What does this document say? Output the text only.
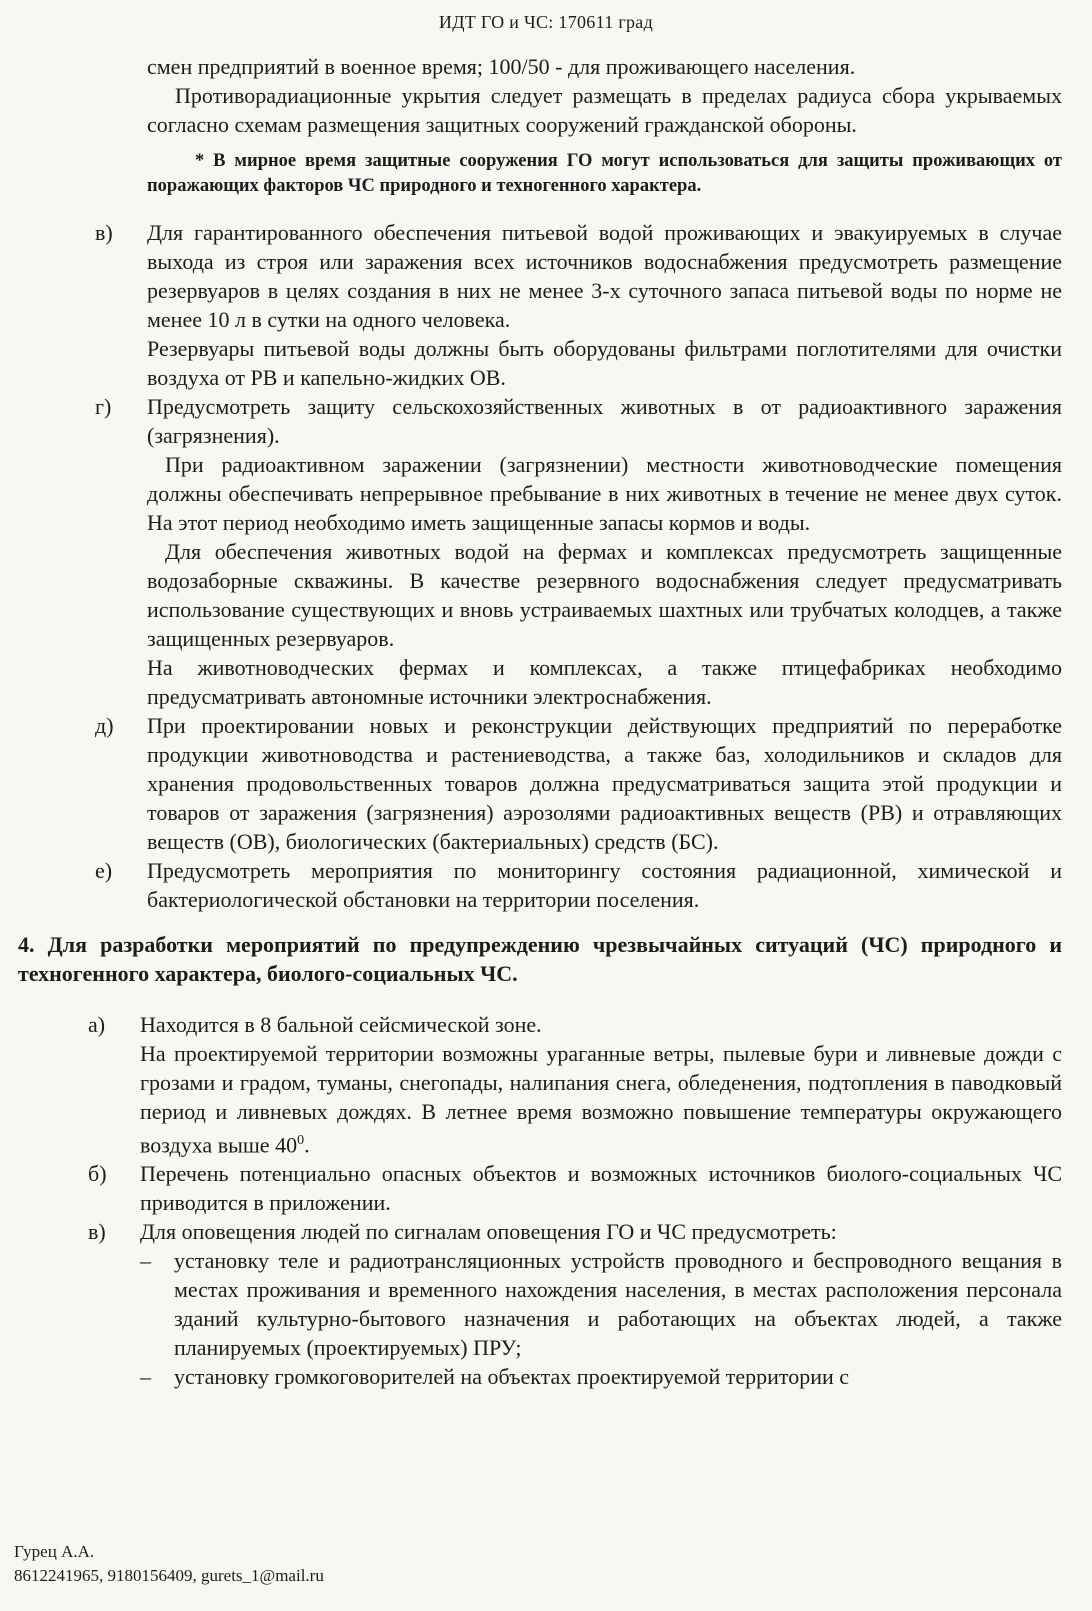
ИДТ ГО и ЧС: 170611 град

смен предприятий в военное время; 100/50 - для проживающего населения.

Противорадиационные укрытия следует размещать в пределах радиуса сбора укрываемых согласно схемам размещения защитных сооружений гражданской обороны.

* В мирное время защитные сооружения ГО могут использоваться для защиты проживающих от поражающих факторов ЧС природного и техногенного характера.

в)	Для гарантированного обеспечения питьевой водой проживающих и эвакуируемых в случае выхода из строя или заражения всех источников водоснабжения предусмотреть размещение резервуаров в целях создания в них не менее 3-х суточного запаса питьевой воды по норме не менее 10 л в сутки на одного человека.

Резервуары питьевой воды должны быть оборудованы фильтрами поглотителями для очистки воздуха от РВ и капельно-жидких ОВ.

г)	Предусмотреть защиту сельскохозяйственных животных в от радиоактивного заражения (загрязнения).

При радиоактивном заражении (загрязнении) местности животноводческие помещения должны обеспечивать непрерывное пребывание в них животных в течение не менее двух суток. На этот период необходимо иметь защищенные запасы кормов и воды.

Для обеспечения животных водой на фермах и комплексах предусмотреть защищенные водозаборные скважины. В качестве резервного водоснабжения следует предусматривать использование существующих и вновь устраиваемых шахтных или трубчатых колодцев, а также защищенных резервуаров.

На животноводческих фермах и комплексах, а также птицефабриках необходимо предусматривать автономные источники электроснабжения.

д)	При проектировании новых и реконструкции действующих предприятий по переработке продукции животноводства и растениеводства, а также баз, холодильников и складов для хранения продовольственных товаров должна предусматриваться защита этой продукции и товаров от заражения (загрязнения) аэрозолями радиоактивных веществ (РВ) и отравляющих веществ (ОВ), биологических (бактериальных) средств (БС).

е)	Предусмотреть мероприятия по мониторингу состояния радиационной, химической и бактериологической обстановки на территории поселения.

4. Для разработки мероприятий по предупреждению чрезвычайных ситуаций (ЧС) природного и техногенного характера, биолого-социальных ЧС.

а)	Находится в 8 бальной сейсмической зоне.

На проектируемой территории возможны ураганные ветры, пылевые бури и ливневые дожди с грозами и градом, туманы, снегопады, налипания снега, обледенения, подтопления в паводковый период и ливневых дождях. В летнее время возможно повышение температуры окружающего воздуха выше $40^0$.

б)	Перечень потенциально опасных объектов и возможных источников биолого-социальных ЧС приводится в приложении.

в)	Для оповещения людей по сигналам оповещения ГО и ЧС предусмотреть:

–	установку теле и радиотрансляционных устройств проводного и беспроводного вещания в местах проживания и временного нахождения населения, в местах расположения персонала зданий культурно-бытового назначения и работающих на объектах людей, а также планируемых (проектируемых) ПРУ;

–	установку громкоговорителей на объектах проектируемой территории с

Гурец А.А.
8612241965, 9180156409, gurets_1@mail.ru
